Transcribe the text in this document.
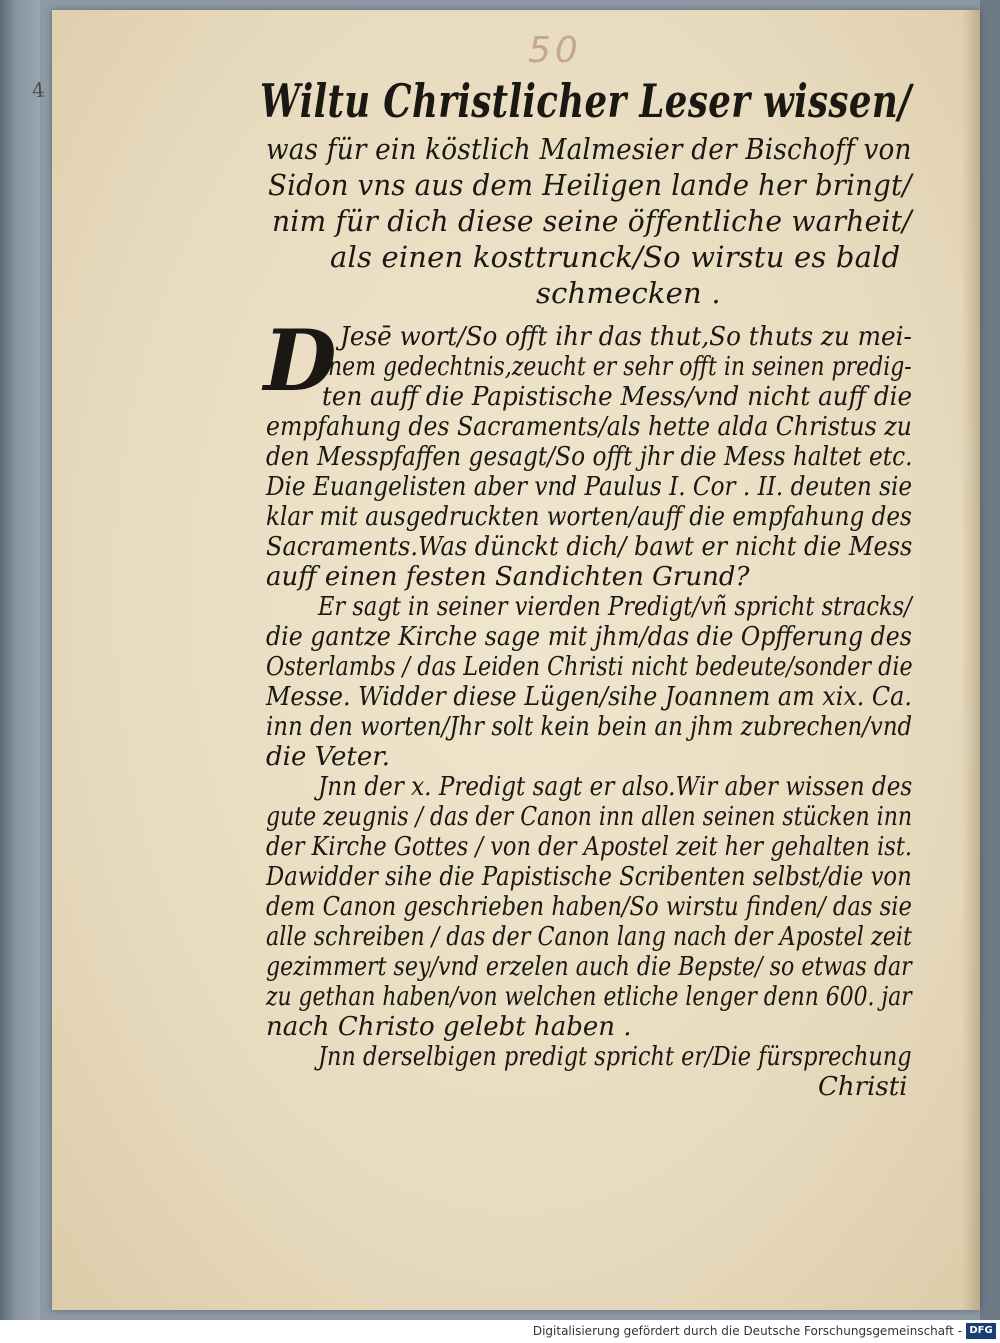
4
50
Wiltu Christlicher Leser wissen/
was für ein köstlich Malmesier der Bischoff von
Sidon vns aus dem Heiligen lande her bringt/
nim für dich diese seine öffentliche warheit/
als einen kosttrunck/So wirstu es bald
schmecken .
D Jesē wort/So offt ihr das thut,So thuts zu mei-
nem gedechtnis,zeucht er sehr offt in seinen predig-
ten auff die Papistische Mess/vnd nicht auff die
empfahung des Sacraments/als hette alda Christus zu
den Messpfaffen gesagt/So offt jhr die Mess haltet etc.
Die Euangelisten aber vnd Paulus I. Cor . II. deuten sie
klar mit ausgedruckten worten/auff die empfahung des
Sacraments.Was dünckt dich/ bawt er nicht die Mess
auff einen festen Sandichten Grund?
Er sagt in seiner vierden Predigt/vñ spricht stracks/
die gantze Kirche sage mit jhm/das die Opfferung des
Osterlambs / das Leiden Christi nicht bedeute/sonder die
Messe. Widder diese Lügen/sihe Joannem am xix. Ca.
inn den worten/Jhr solt kein bein an jhm zubrechen/vnd
die Veter.
Jnn der x. Predigt sagt er also.Wir aber wissen des
gute zeugnis / das der Canon inn allen seinen stücken inn
der Kirche Gottes / von der Apostel zeit her gehalten ist.
Dawidder sihe die Papistische Scribenten selbst/die von
dem Canon geschrieben haben/So wirstu finden/ das sie
alle schreiben / das der Canon lang nach der Apostel zeit
gezimmert sey/vnd erzelen auch die Bepste/ so etwas dar
zu gethan haben/von welchen etliche lenger denn 600. jar
nach Christo gelebt haben .
Jnn derselbigen predigt spricht er/Die fürsprechung
Christi
Digitalisierung gefördert durch die Deutsche Forschungsgemeinschaft - DFG
